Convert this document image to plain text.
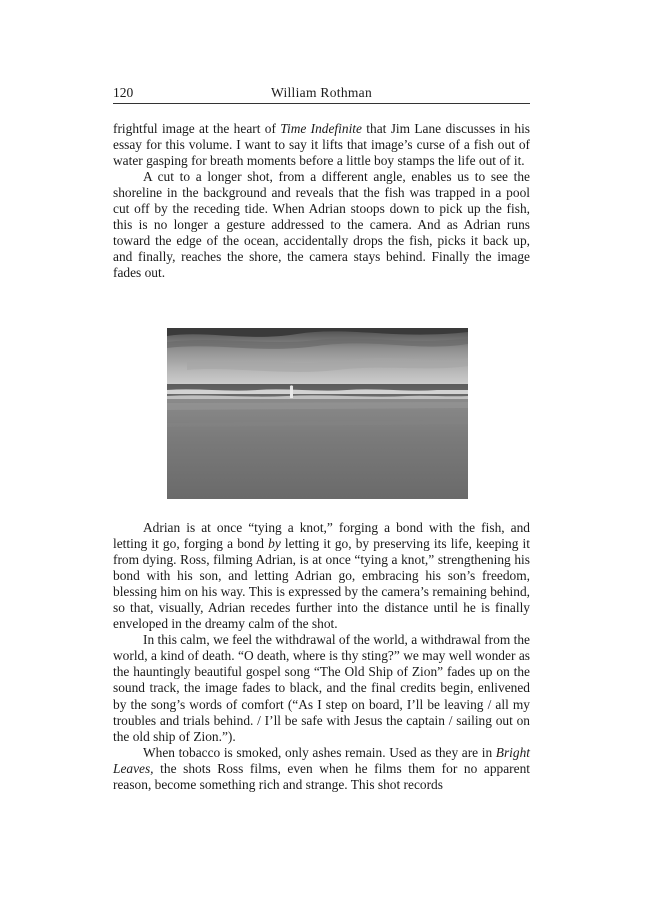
120	William Rothman

frightful image at the heart of Time Indefinite that Jim Lane discusses in his essay for this volume. I want to say it lifts that image’s curse of a fish out of water gasping for breath moments before a little boy stamps the life out of it.

A cut to a longer shot, from a different angle, enables us to see the shoreline in the background and reveals that the fish was trapped in a pool cut off by the receding tide. When Adrian stoops down to pick up the fish, this is no longer a gesture addressed to the camera. And as Adrian runs toward the edge of the ocean, accidentally drops the fish, picks it back up, and finally, reaches the shore, the camera stays behind. Finally the image fades out.

Adrian is at once “tying a knot,” forging a bond with the fish, and letting it go, forging a bond by letting it go, by preserving its life, keeping it from dying. Ross, filming Adrian, is at once “tying a knot,” strengthening his bond with his son, and letting Adrian go, embracing his son’s freedom, blessing him on his way. This is expressed by the camera’s remaining behind, so that, visually, Adrian recedes further into the distance until he is finally enveloped in the dreamy calm of the shot.

In this calm, we feel the withdrawal of the world, a withdrawal from the world, a kind of death. “O death, where is thy sting?” we may well wonder as the hauntingly beautiful gospel song “The Old Ship of Zion” fades up on the sound track, the image fades to black, and the final credits begin, enlivened by the song’s words of comfort (“As I step on board, I’ll be leaving / all my troubles and trials behind. / I’ll be safe with Jesus the captain / sailing out on the old ship of Zion.”).

When tobacco is smoked, only ashes remain. Used as they are in Bright Leaves, the shots Ross films, even when he films them for no apparent reason, become something rich and strange. This shot records
